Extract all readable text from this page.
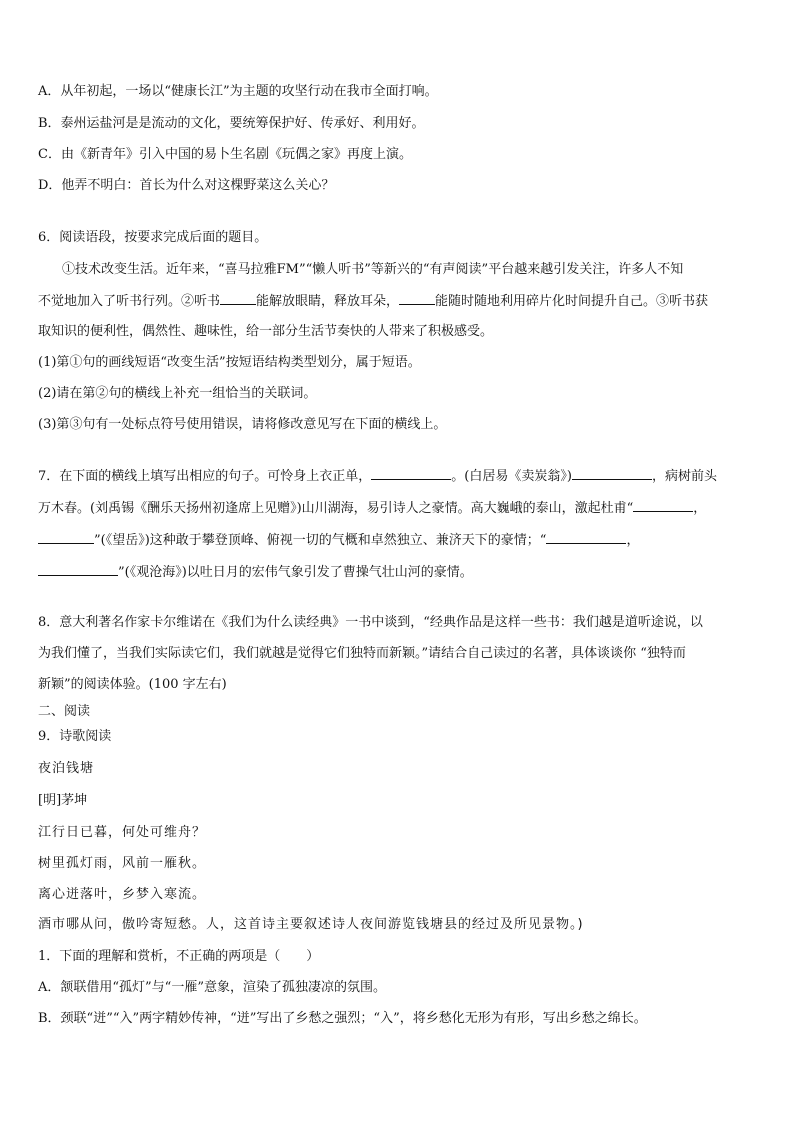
A．从年初起，一场以“健康长江”为主题的攻坚行动在我市全面打响。
B．泰州运盐河是是流动的文化，要统筹保护好、传承好、利用好。
C．由《新青年》引入中国的易卜生名剧《玩偶之家》再度上演。
D．他弄不明白：首长为什么对这棵野菜这么关心？
6．阅读语段，按要求完成后面的题目。
①技术改变生活。近年来，“喜马拉雅FM”“懒人听书”等新兴的“有声阅读”平台越来越引发关注，许多人不知
不觉地加入了听书行列。②听书	能解放眼睛，释放耳朵，	能随时随地利用碎片化时间提升自己。③听书获
取知识的便利性，偶然性、趣味性，给一部分生活节奏快的人带来了积极感受。
(1)第①句的画线短语“改变生活”按短语结构类型划分，属于短语。
(2)请在第②句的横线上补充一组恰当的关联词。
(3)第③句有一处标点符号使用错误，请将修改意见写在下面的横线上。
7．在下面的横线上填写出相应的句子。可怜身上衣正单，	。(白居易《卖炭翁》)	，病树前头
万木春。(刘禹锡《酬乐天扬州初逢席上见赠》)山川湖海，易引诗人之豪情。高大巍峨的泰山，激起杜甫“	，
”(《望岳》)这种敢于攀登顶峰、俯视一切的气概和卓然独立、兼济天下的豪情；“	，
”(《观沧海》)以吐日月的宏伟气象引发了曹操气壮山河的豪情。
8．意大利著名作家卡尔维诺在《我们为什么读经典》一书中谈到，“经典作品是这样一些书：我们越是道听途说，以
为我们懂了，当我们实际读它们，我们就越是觉得它们独特而新颖。”请结合自己读过的名著，具体谈谈你 “独特而
新颖”的阅读体验。(100 字左右)
二、阅读
9．诗歌阅读
夜泊钱塘
[明]茅坤
江行日已暮，何处可维舟？
树里孤灯雨，风前一雁秋。
离心迸落叶，乡梦入寒流。
酒市哪从问，傲吟寄短愁。人，这首诗主要叙述诗人夜间游览钱塘县的经过及所见景物。)
1．下面的理解和赏析，不正确的两项是（　　）
A．颔联借用“孤灯”与“一雁”意象，渲染了孤独凄凉的氛围。
B．颈联“迸”“入”两字精妙传神，“迸”写出了乡愁之强烈；“入”，将乡愁化无形为有形，写出乡愁之绵长。
